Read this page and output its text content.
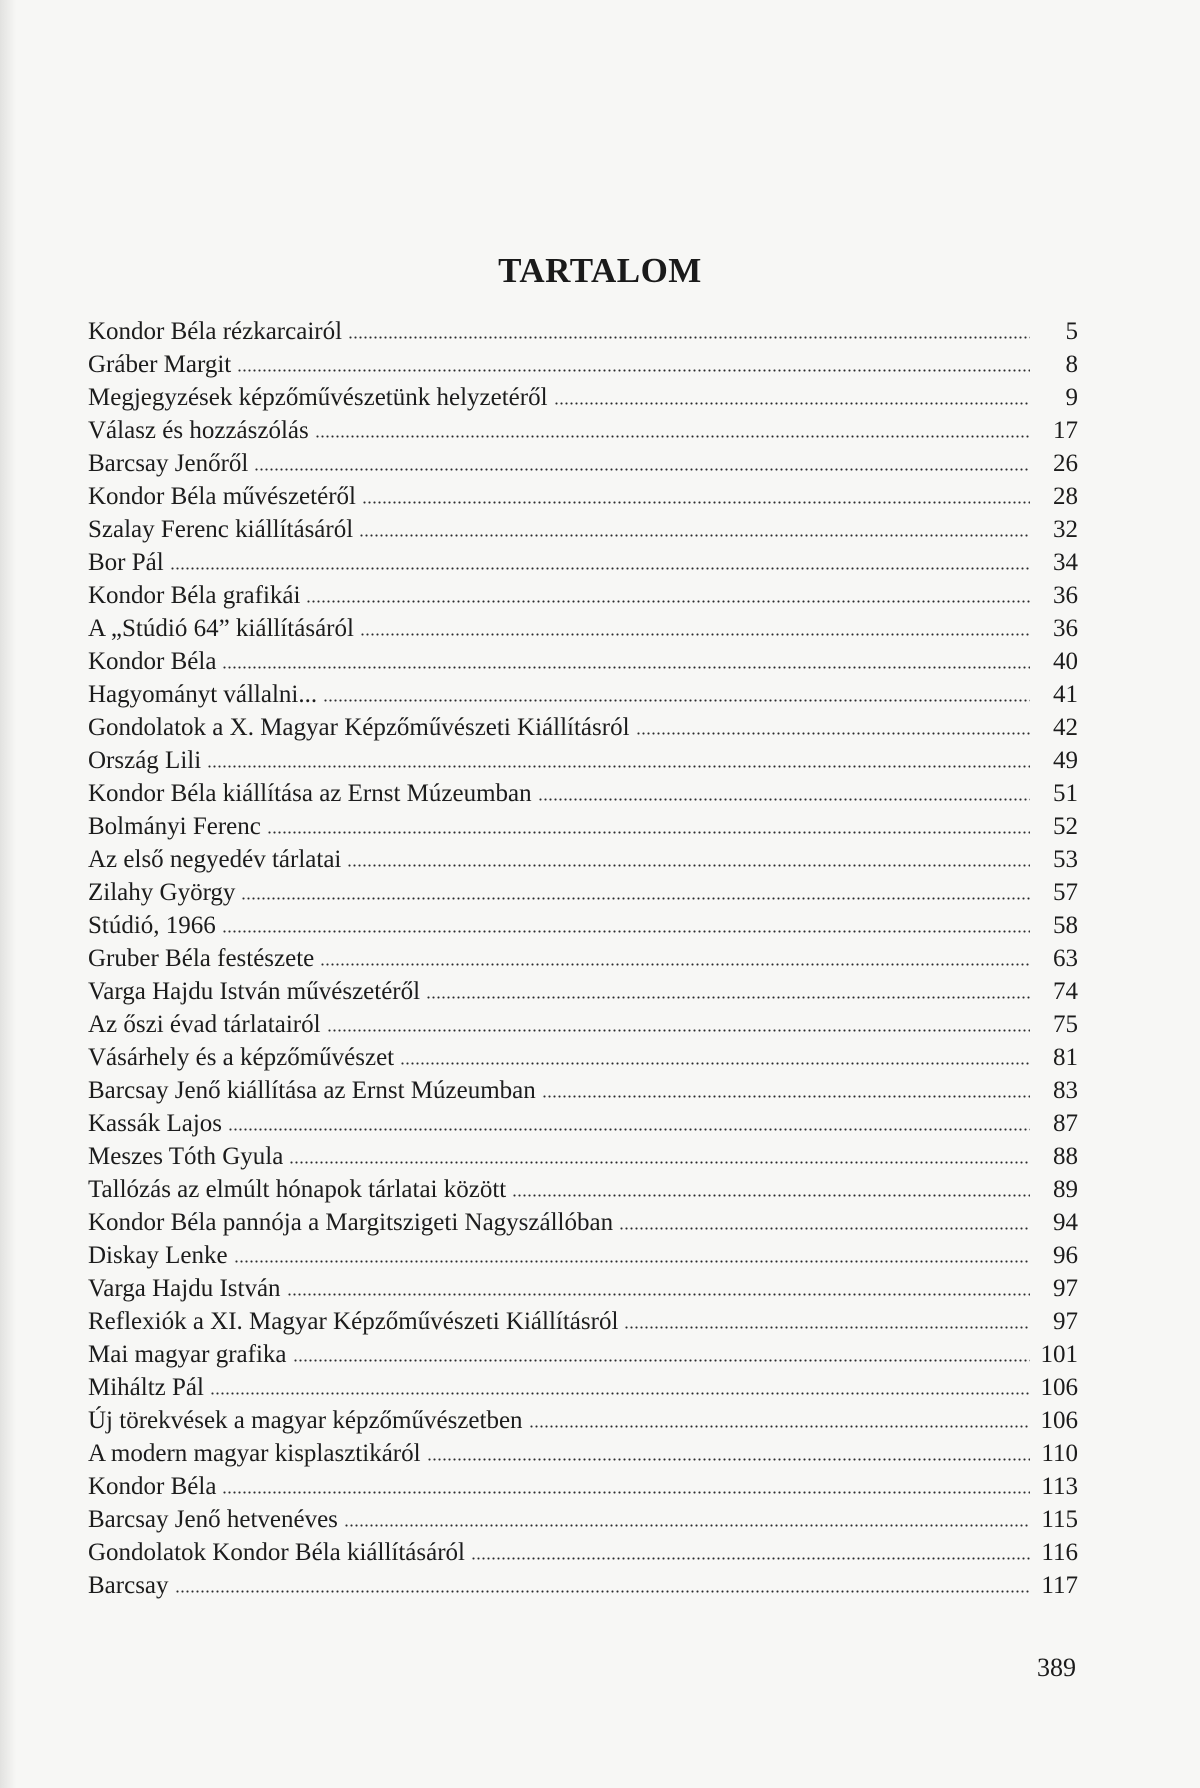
TARTALOM
Kondor Béla rézkarcairól	5
Gráber Margit	8
Megjegyzések képzőművészetünk helyzetéről	9
Válasz és hozzászólás	17
Barcsay Jenőről	26
Kondor Béla művészetéről	28
Szalay Ferenc kiállításáról	32
Bor Pál	34
Kondor Béla grafikái	36
A „Stúdió 64” kiállításáról	36
Kondor Béla	40
Hagyományt vállalni...	41
Gondolatok a X. Magyar Képzőművészeti Kiállításról	42
Ország Lili	49
Kondor Béla kiállítása az Ernst Múzeumban	51
Bolmányi Ferenc	52
Az első negyedév tárlatai	53
Zilahy György	57
Stúdió, 1966	58
Gruber Béla festészete	63
Varga Hajdu István művészetéről	74
Az őszi évad tárlatairól	75
Vásárhely és a képzőművészet	81
Barcsay Jenő kiállítása az Ernst Múzeumban	83
Kassák Lajos	87
Meszes Tóth Gyula	88
Tallózás az elmúlt hónapok tárlatai között	89
Kondor Béla pannója a Margitszigeti Nagyszállóban	94
Diskay Lenke	96
Varga Hajdu István	97
Reflexiók a XI. Magyar Képzőművészeti Kiállításról	97
Mai magyar grafika	101
Miháltz Pál	106
Új törekvések a magyar képzőművészetben	106
A modern magyar kisplasztikáról	110
Kondor Béla	113
Barcsay Jenő hetvenéves	115
Gondolatok Kondor Béla kiállításáról	116
Barcsay	117
389
